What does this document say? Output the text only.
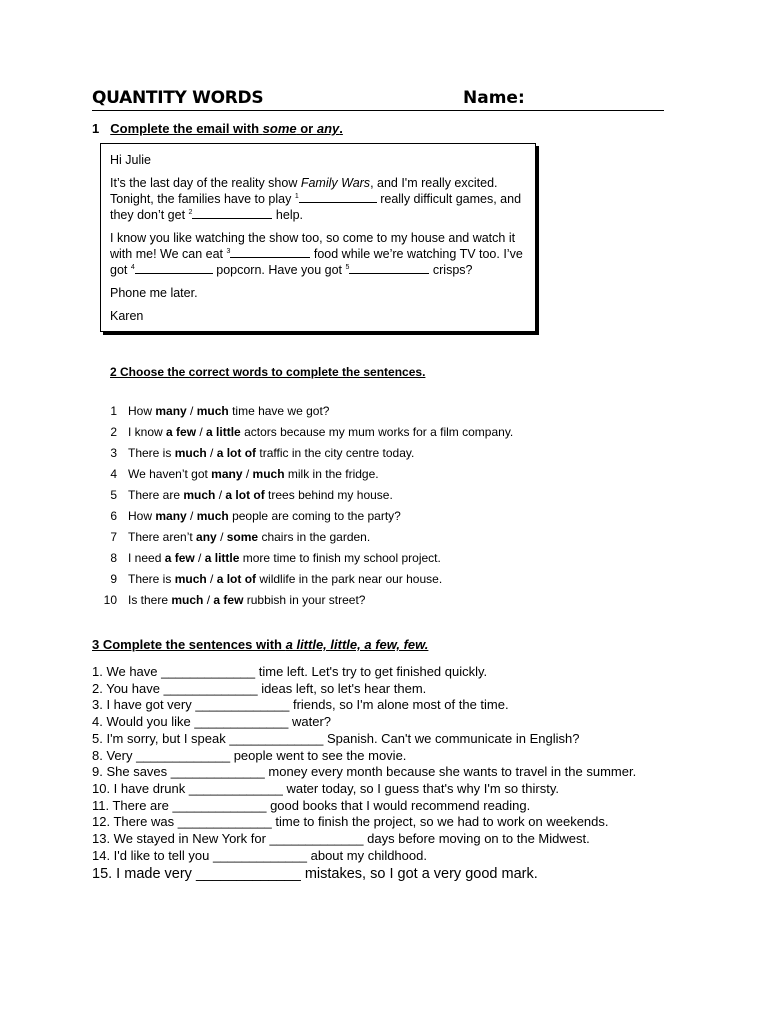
QUANTITY WORDS	Name:
1 Complete the email with some or any.

Hi Julie

It’s the last day of the reality show Family Wars, and I'm really excited. Tonight, the families have to play $^1$	really difficult games, and they don’t get $^2$	help.

I know you like watching the show too, so come to my house and watch it with me! We can eat $^3$	food while we’re watching TV too. I’ve got $^4$	popcorn. Have you got $^5$	crisps?

Phone me later.

Karen

2 Choose the correct words to complete the sentences.
1 How many / much time have we got?
2 I know a few / a little actors because my mum works for a film company.
3 There is much / a lot of traffic in the city centre today.
4 We haven’t got many / much milk in the fridge.
5 There are much / a lot of trees behind my house.
6 How many / much people are coming to the party?
7 There aren’t any / some chairs in the garden.
8 I need a few / a little more time to finish my school project.
9 There is much / a lot of wildlife in the park near our house.
10 Is there much / a few rubbish in your street?
3 Complete the sentences with a little, little, a few, few.
1. We have _____________ time left. Let's try to get finished quickly.
2. You have _____________ ideas left, so let's hear them.
3. I have got very _____________ friends, so I'm alone most of the time.
4. Would you like _____________ water?
5. I'm sorry, but I speak _____________ Spanish. Can't we communicate in English?
8. Very _____________ people went to see the movie.
9. She saves _____________ money every month because she wants to travel in the summer.
10. I have drunk _____________ water today, so I guess that's why I'm so thirsty.
11. There are _____________ good books that I would recommend reading.
12. There was _____________ time to finish the project, so we had to work on weekends.
13. We stayed in New York for _____________ days before moving on to the Midwest.
14. I'd like to tell you _____________ about my childhood.
15. I made very _____________ mistakes, so I got a very good mark.
